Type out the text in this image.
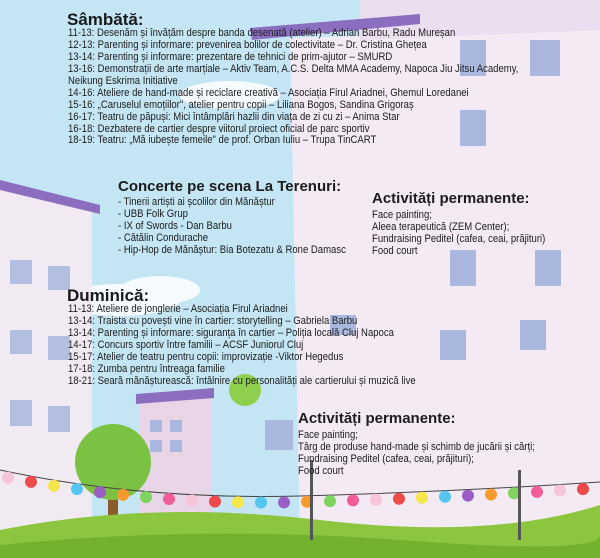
Sâmbătă:
11-13: Desenăm și învățăm despre banda desenată (atelier) – Adrian Barbu, Radu Mureșan
12-13: Parenting și informare: prevenirea bolilor de colectivitate – Dr. Cristina Ghețea
13-14: Parenting și informare: prezentare de tehnici de prim-ajutor – SMURD
13-16: Demonstrații de arte marțiale – Aktiv Team, A.C.S. Delta MMA Academy, Napoca Jiu Jitsu Academy,
Neikung Eskrima Initiative
14-16: Ateliere de hand-made și reciclare creativă – Asociația Firul Ariadnei, Ghemul Loredanei
15-16: „Caruselul emoțiilor", atelier pentru copii – Liliana Bogos, Sandina Grigoraș
16-17: Teatru de păpuși: Mici întâmplări hazlii din viața de zi cu zi – Anima Star
16-18: Dezbatere de cartier despre viitorul proiect oficial de parc sportiv
18-19: Teatru: „Mă iubește femeile" de prof. Orban Iuliu – Trupa TinCART
Concerte pe scena La Terenuri:
- Tinerii artiști ai școlilor din Mănăștur
- UBB Folk Grup
- IX of Swords - Dan Barbu
- Cătălin Condurache
- Hip-Hop de Mănăștur: Bia Botezatu & Rone Damasc
Activități permanente:
Face painting;
Aleea terapeutică (ZEM Center);
Fundraising Peditel (cafea, ceai, prăjituri)
Food court
Duminică:
11-13: Ateliere de jonglerie – Asociația Firul Ariadnei
13-14: Traista cu povești vine în cartier: storytelling – Gabriela Barbu
13-14: Parenting și informare: siguranța în cartier – Poliția locală Cluj Napoca
14-17: Concurs sportiv între familii – ACSF Juniorul Cluj
15-17: Atelier de teatru pentru copii: improvizație -Viktor Hegedus
17-18: Zumba pentru întreaga familie
18-21: Seară mănășturească: întâlnire cu personalități ale cartierului și muzică live
Activități permanente:
Face painting;
Târg de produse hand-made și schimb de jucării și cărți;
Fundraising Peditel (cafea, ceai, prăjituri);
Food court
